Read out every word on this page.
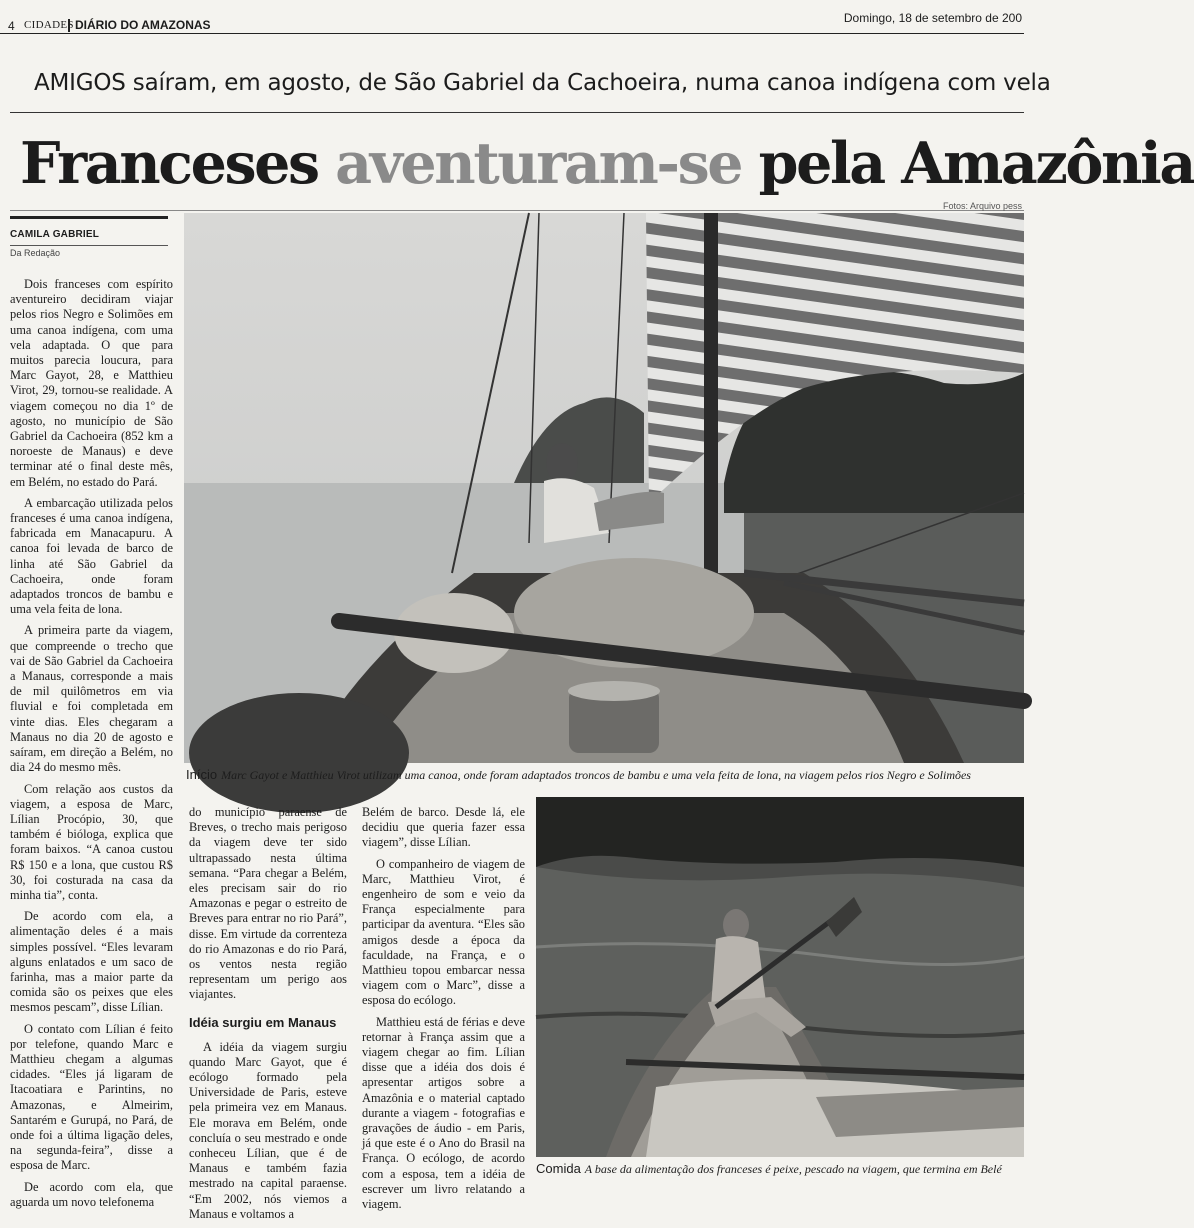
4 CIDADES DIÁRIO DO AMAZONAS	Domingo, 18 de setembro de 200
AMIGOS saíram, em agosto, de São Gabriel da Cachoeira, numa canoa indígena com vela
Franceses aventuram-se pela Amazônia
Fotos: Arquivo pess
CAMILA GABRIEL
Da Redação

Dois franceses com espírito aventureiro decidiram viajar pelos rios Negro e Solimões em uma canoa indígena, com uma vela adaptada. O que para muitos parecia loucura, para Marc Gayot, 28, e Matthieu Virot, 29, tornou-se realidade. A viagem começou no dia 1º de agosto, no município de São Gabriel da Cachoeira (852 km a noroeste de Manaus) e deve terminar até o final deste mês, em Belém, no estado do Pará.

A embarcação utilizada pelos franceses é uma canoa indígena, fabricada em Manacapuru. A canoa foi levada de barco de linha até São Gabriel da Cachoeira, onde foram adaptados troncos de bambu e uma vela feita de lona.

A primeira parte da viagem, que compreende o trecho que vai de São Gabriel da Cachoeira a Manaus, corresponde a mais de mil quilômetros em via fluvial e foi completada em vinte dias. Eles chegaram a Manaus no dia 20 de agosto e saíram, em direção a Belém, no dia 24 do mesmo mês.

Com relação aos custos da viagem, a esposa de Marc, Lílian Procópio, 30, que também é bióloga, explica que foram baixos. “A canoa custou R$ 150 e a lona, que custou R$ 30, foi costurada na casa da minha tia”, conta.

De acordo com ela, a alimentação deles é a mais simples possível. “Eles levaram alguns enlatados e um saco de farinha, mas a maior parte da comida são os peixes que eles mesmos pescam”, disse Lílian.

O contato com Lílian é feito por telefone, quando Marc e Matthieu chegam a algumas cidades. “Eles já ligaram de Itacoatiara e Parintins, no Amazonas, e Almeirim, Santarém e Gurupá, no Pará, de onde foi a última ligação deles, na segunda-feira”, disse a esposa de Marc.

De acordo com ela, que aguarda um novo telefonema

Início Marc Gayot e Matthieu Virot utilizam uma canoa, onde foram adaptados troncos de bambu e uma vela feita de lona, na viagem pelos rios Negro e Solimões

do município paraense de Breves, o trecho mais perigoso da viagem deve ter sido ultrapassado nesta última semana. “Para chegar a Belém, eles precisam sair do rio Amazonas e pegar o estreito de Breves para entrar no rio Pará”, disse. Em virtude da correnteza do rio Amazonas e do rio Pará, os ventos nesta região representam um perigo aos viajantes.

Idéia surgiu em Manaus

A idéia da viagem surgiu quando Marc Gayot, que é ecólogo formado pela Universidade de Paris, esteve pela primeira vez em Manaus. Ele morava em Belém, onde concluía o seu mestrado e onde conheceu Lílian, que é de Manaus e também fazia mestrado na capital paraense. “Em 2002, nós viemos a Manaus e voltamos a

Belém de barco. Desde lá, ele decidiu que queria fazer essa viagem”, disse Lílian.

O companheiro de viagem de Marc, Matthieu Virot, é engenheiro de som e veio da França especialmente para participar da aventura. “Eles são amigos desde a época da faculdade, na França, e o Matthieu topou embarcar nessa viagem com o Marc”, disse a esposa do ecólogo.

Matthieu está de férias e deve retornar à França assim que a viagem chegar ao fim. Lílian disse que a idéia dos dois é apresentar artigos sobre a Amazônia e o material captado durante a viagem - fotografias e gravações de áudio - em Paris, já que este é o Ano do Brasil na França. O ecólogo, de acordo com a esposa, tem a idéia de escrever um livro relatando a viagem.

Comida A base da alimentação dos franceses é peixe, pescado na viagem, que termina em Belé
